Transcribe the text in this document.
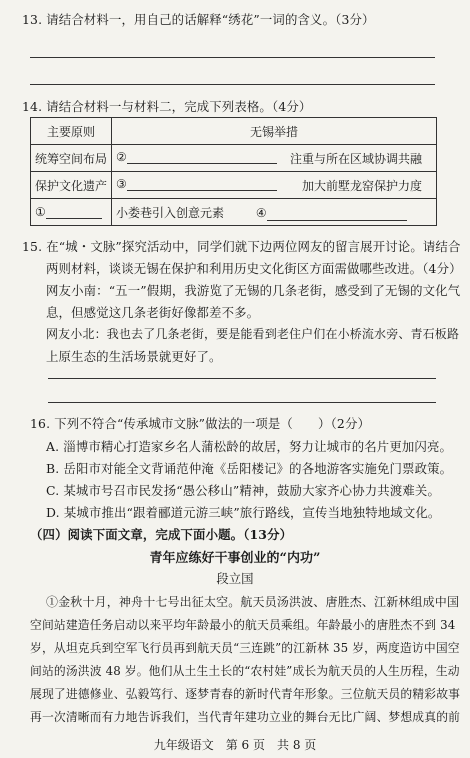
13. 请结合材料一，用自己的话解释“绣花”一词的含义。（3分）
14. 请结合材料一与材料二，完成下列表格。（4分）
主要原则	无锡举措
统筹空间布局	② 注重与所在区域协调共融

保护文化遗产	③ 加大前墅龙窑保护力度

①	小娄巷引入创意元素 ④
15. 在“城・文脉”探究活动中，同学们就下边两位网友的留言展开讨论。请结合
两则材料，谈谈无锡在保护和利用历史文化街区方面需做哪些改进。（4分）
网友小南：“五一”假期，我游览了无锡的几条老街，感受到了无锡的文化气
息，但感觉这几条老街好像都差不多。
网友小北：我也去了几条老街，要是能看到老住户们在小桥流水旁、青石板路
上原生态的生活场景就更好了。
16. 下列不符合“传承城市文脉”做法的一项是（　　）（2分）
A. 淄博市精心打造家乡名人蒲松龄的故居，努力让城市的名片更加闪亮。
B. 岳阳市对能全文背诵范仲淹《岳阳楼记》的各地游客实施免门票政策。
C. 某城市号召市民发扬“愚公移山”精神，鼓励大家齐心协力共渡难关。
D. 某城市推出“跟着郦道元游三峡”旅行路线，宣传当地独特地域文化。
（四）阅读下面文章，完成下面小题。（13分）
青年应练好干事创业的“内功”
段立国
①金秋十月，神舟十七号出征太空。航天员汤洪波、唐胜杰、江新林组成中国
空间站建造任务启动以来平均年龄最小的航天员乘组。年龄最小的唐胜杰不到 34
岁，从坦克兵到空军飞行员再到航天员“三连跳”的江新林 35 岁，两度造访中国空
间站的汤洪波 48 岁。他们从土生土长的“农村娃”成长为航天员的人生历程，生动
展现了进德修业、弘毅笃行、逐梦青春的新时代青年形象。三位航天员的精彩故事
再一次清晰而有力地告诉我们，当代青年建功立业的舞台无比广阔、梦想成真的前
九年级语文　第 6 页　共 8 页
